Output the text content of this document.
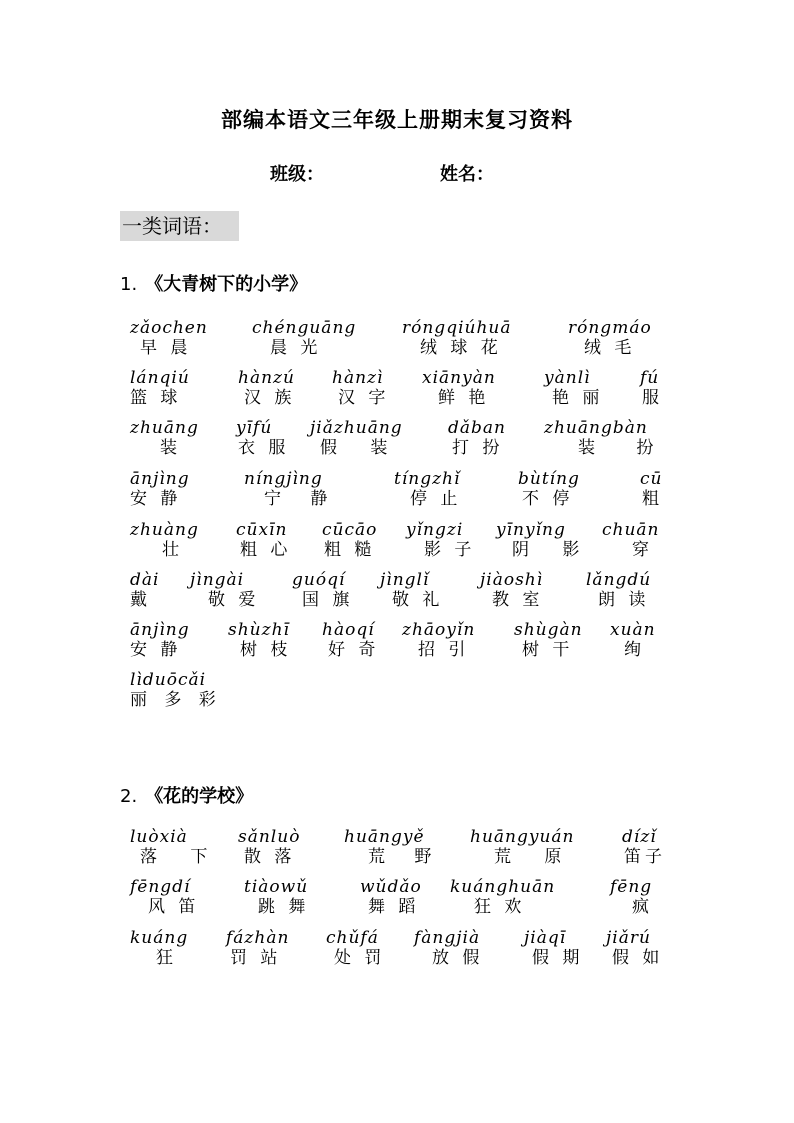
部编本语文三年级上册期末复习资料
班级：	姓名：
一类词语：
1. 《大青树下的小学》
zǎochen
早 晨
chénguāng
晨 光
róngqiúhuā
绒 球 花
róngmáo
绒 毛
lánqiú
篮 球
hànzú
汉 族
hànzì
汉 字
xiānyàn
鲜 艳
yànlì
艳 丽
fú
服
zhuāng
装
yīfú
衣 服
jiǎzhuāng
假 装
dǎban
打 扮
zhuāngbàn
装 扮
ānjìng
安 静
níngjìng
宁 静
tíngzhǐ
停 止
bùtíng
不 停
cū
粗
zhuàng
壮
cūxīn
粗 心
cūcāo
粗 糙
yǐngzi
影 子
yīnyǐng
阴 影
chuān
穿
dài
戴
jìngài
敬 爱
guóqí
国 旗
jìnglǐ
敬 礼
jiàoshì
教 室
lǎngdú
朗 读
ānjìng
安 静
shùzhī
树 枝
hàoqí
好 奇
zhāoyǐn
招 引
shùgàn
树 干
xuàn
绚
lìduōcǎi
丽 多 彩
2. 《花的学校》
luòxià
落 下
sǎnluò
散 落
huāngyě
荒 野
huāngyuán
荒 原
dízǐ
笛子
fēngdí
风 笛
tiàowǔ
跳 舞
wǔdǎo
舞 蹈
kuánghuān
狂 欢
fēng
疯
kuáng
狂
fázhàn
罚 站
chǔfá
处 罚
fàngjià
放 假
jiàqī
假 期
jiǎrú
假 如
